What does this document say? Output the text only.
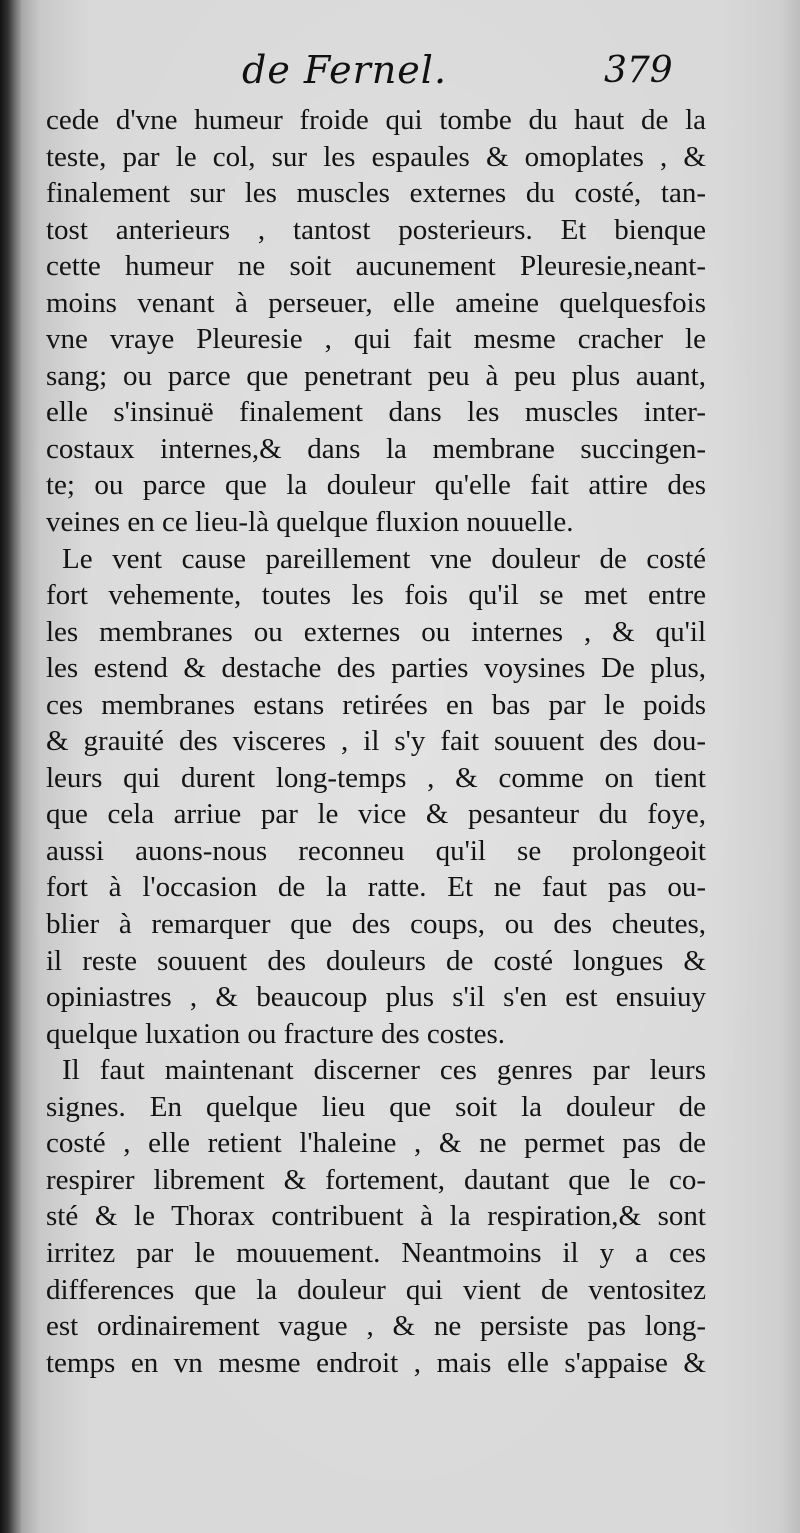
de Fernel.	379
cede d'vne humeur froide qui tombe du haut de la
teste, par le col, sur les espaules & omoplates , &
finalement sur les muscles externes du costé, tan-
tost anterieurs , tantost posterieurs. Et bienque
cette humeur ne soit aucunement Pleuresie,neant-
moins venant à perseuer, elle ameine quelquesfois
vne vraye Pleuresie , qui fait mesme cracher le
sang; ou parce que penetrant peu à peu plus auant,
elle s'insinuë finalement dans les muscles inter-
costaux internes,& dans la membrane succingen-
te; ou parce que la douleur qu'elle fait attire des
veines en ce lieu-là quelque fluxion nouuelle.
Le vent cause pareillement vne douleur de costé
fort vehemente, toutes les fois qu'il se met entre
les membranes ou externes ou internes , & qu'il
les estend & destache des parties voysines De plus,
ces membranes estans retirées en bas par le poids
& grauité des visceres , il s'y fait souuent des dou-
leurs qui durent long-temps , & comme on tient
que cela arriue par le vice & pesanteur du foye,
aussi auons-nous reconneu qu'il se prolongeoit
fort à l'occasion de la ratte. Et ne faut pas ou-
blier à remarquer que des coups, ou des cheutes,
il reste souuent des douleurs de costé longues &
opiniastres , & beaucoup plus s'il s'en est ensuiuy
quelque luxation ou fracture des costes.
Il faut maintenant discerner ces genres par leurs
signes. En quelque lieu que soit la douleur de
costé , elle retient l'haleine , & ne permet pas de
respirer librement & fortement, dautant que le co-
sté & le Thorax contribuent à la respiration,& sont
irritez par le mouuement. Neantmoins il y a ces
differences que la douleur qui vient de ventositez
est ordinairement vague , & ne persiste pas long-
temps en vn mesme endroit , mais elle s'appaise &
